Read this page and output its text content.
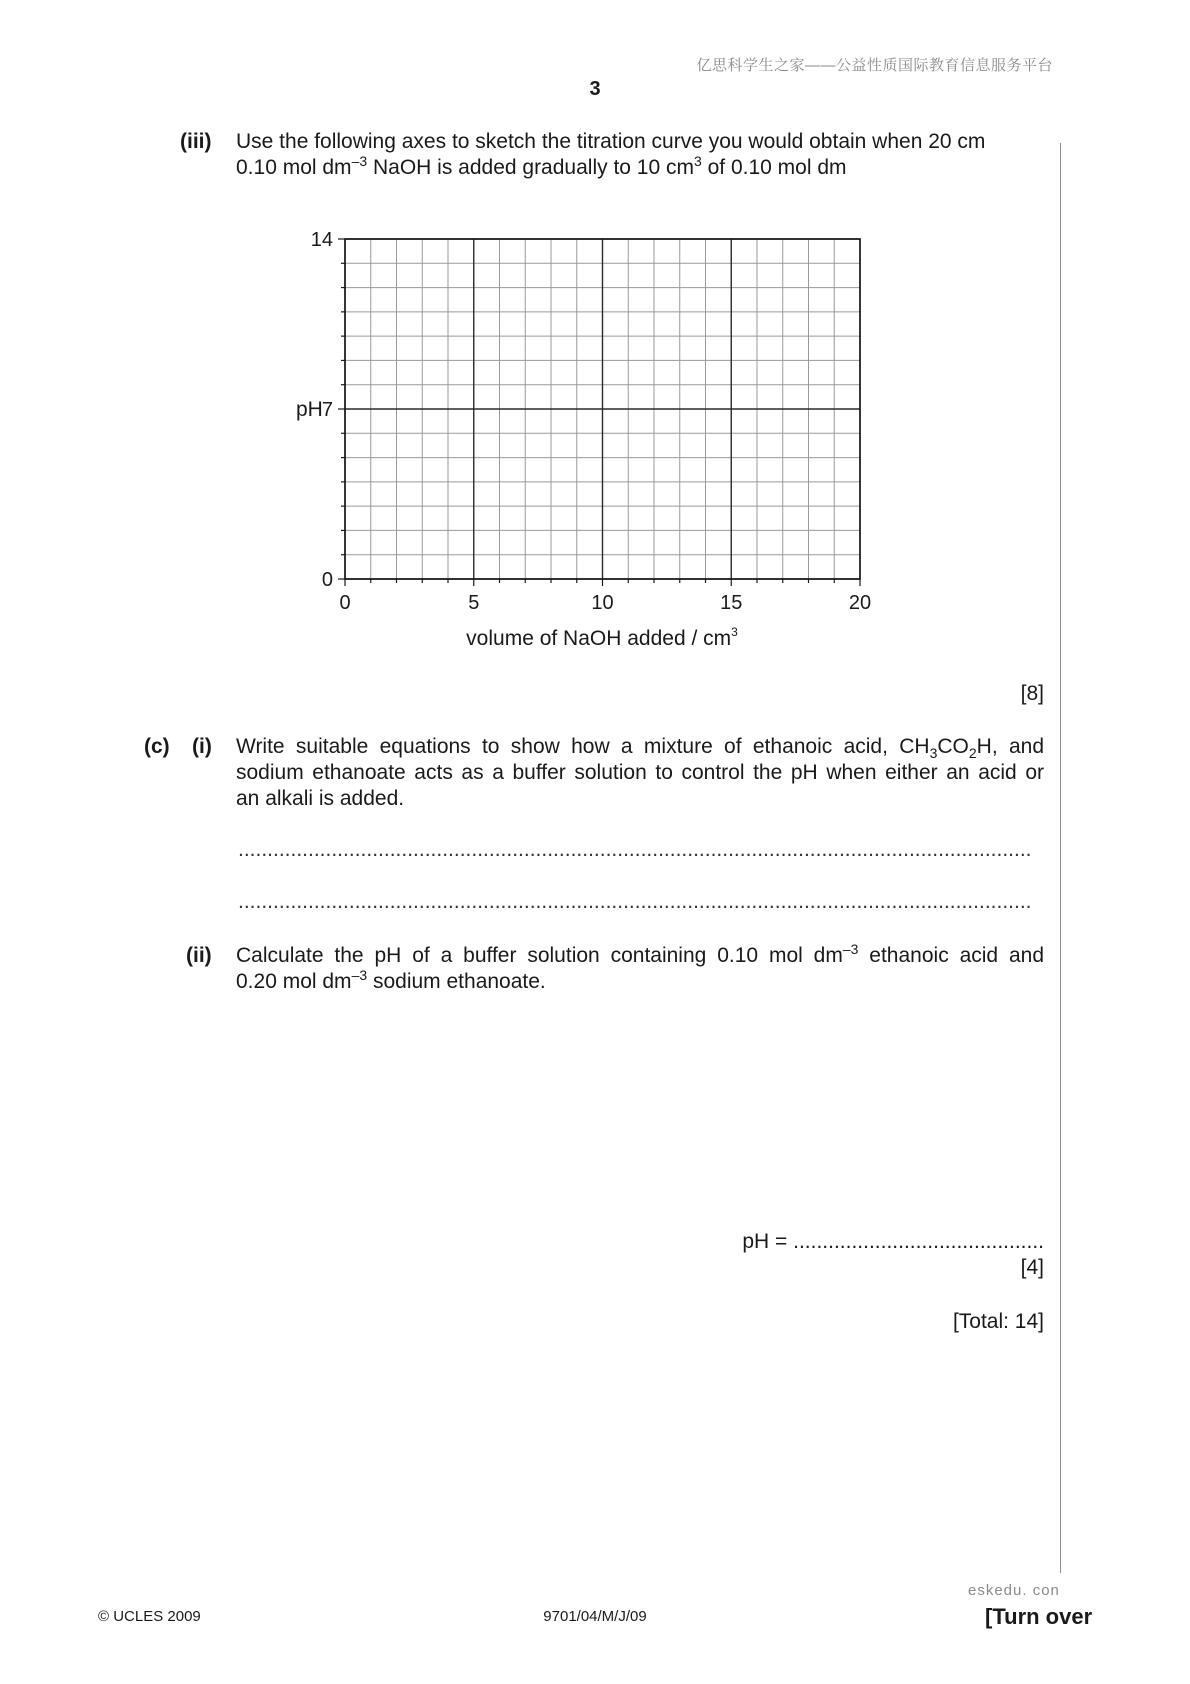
亿思科学生之家——公益性质国际教育信息服务平台
3
(iii) Use the following axes to sketch the titration curve you would obtain when 20 cm
0.10 mol $dm^{-3}$ NaOH is added gradually to 10 $cm^3$ of 0.10 mol dm
pH
14
7
0
0	5	10	15	20
volume of NaOH added / $cm^3$
[8]
(c) (i) Write suitable equations to show how a mixture of ethanoic acid, $CH_3CO_2H$, and
sodium ethanoate acts as a buffer solution to control the pH when either an acid or
an alkali is added.
........................................................................................................................................
........................................................................................................................................
(ii) Calculate the pH of a buffer solution containing 0.10 mol $dm^{-3}$ ethanoic acid and
0.20 mol $dm^{-3}$ sodium ethanoate.
pH = ...........................................
[4]
[Total: 14]
eskedu. con
© UCLES 2009	9701/04/M/J/09	[Turn over
